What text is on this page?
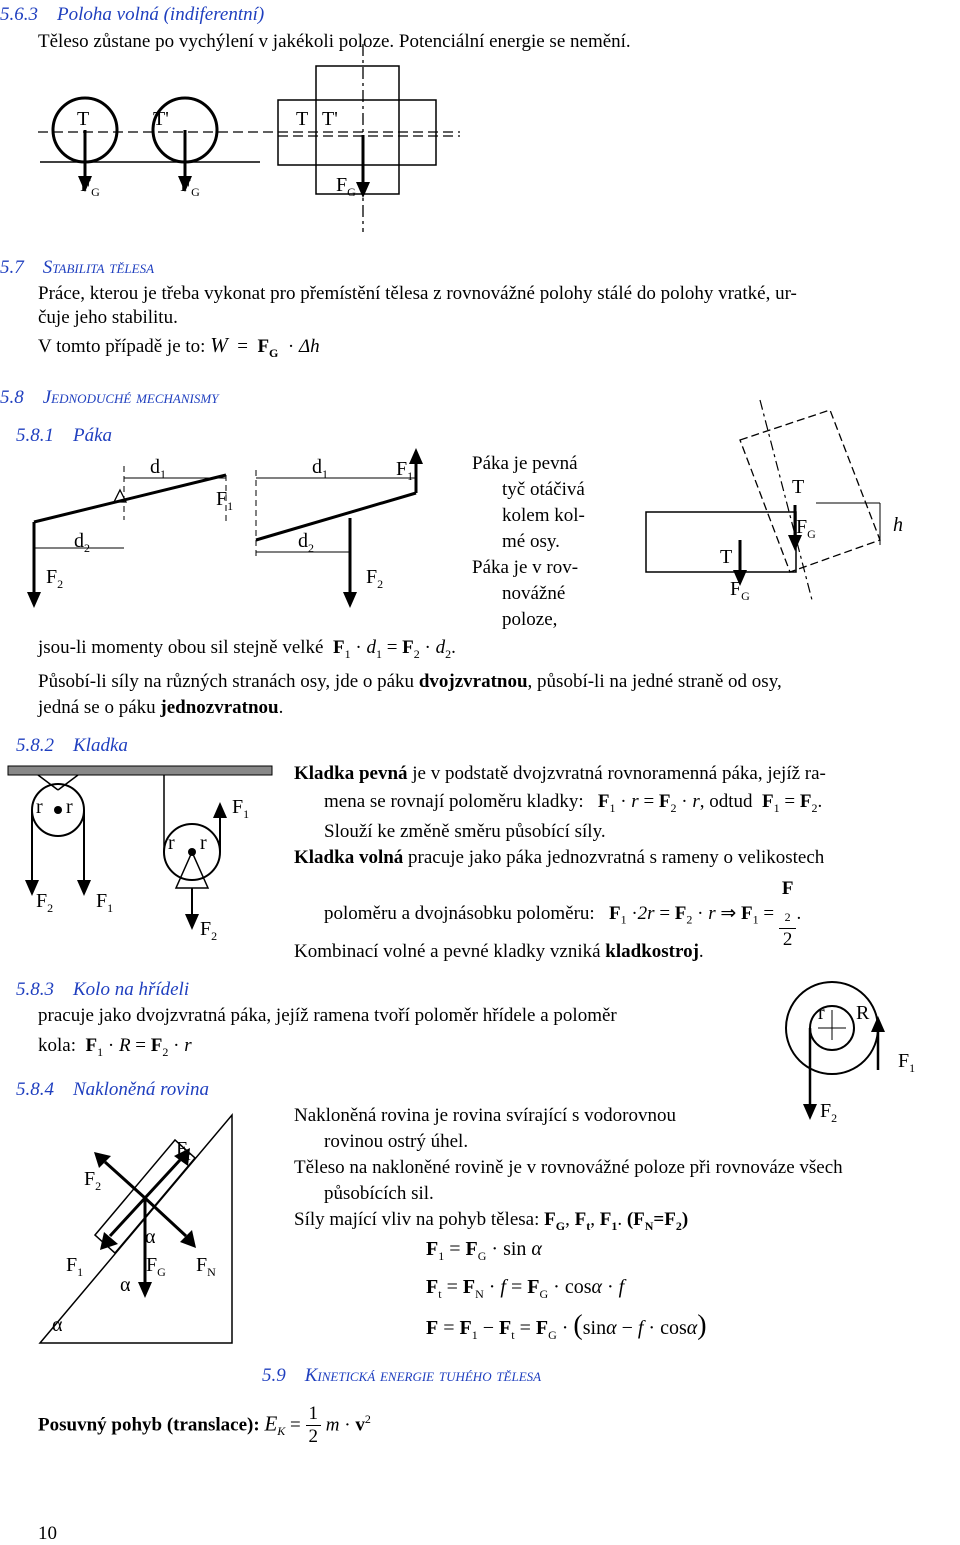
5.6.3 Poloha volná (indiferentní)
Těleso zůstane po vychýlení v jakékoli poloze. Potenciální energie se nemění.
T	T'	T T'
$F_G$	$F_G$	$F_G$
5.7 Stabilita tělesa
Práce, kterou je třeba vykonat pro přemístění tělesa z rovnovážné polohy stálé do polohy vratké, ur-
čuje jeho stabilitu.
V tomto případě je to: $W = F_G \cdot \Delta h$
5.8 Jednoduché mechanismy
5.8.1 Páka
$d_1$	$d_1$	$F_1$
$F_1$
$d_2$	$d_2$
$F_2$	$F_2$
Páka je pevná
tyč otáčivá
kolem kol-
mé osy.
Páka je v rov-
novážné
poloze,
T
$F_G$	h
T
$F_G$
jsou-li momenty obou sil stejně velké $F_1 \cdot d_1 = F_2 \cdot d_2$.
Působí-li síly na různých stranách osy, jde o páku dvojzvratnou, působí-li na jedné straně od osy,
jedná se o páku jednozvratnou.
5.8.2 Kladka
r r	$F_1$
r r
$F_2$ $F_1$
$F_2$
Kladka pevná je v podstatě dvojzvratná rovnoramenná páka, jejíž ra-
mena se rovnají poloměru kladky: $F_1 \cdot r = F_2 \cdot r$, odtud $F_1 = F_2$.
Slouží ke změně směru působící síly.
Kladka volná pracuje jako páka jednozvratná s rameny o velikostech
poloměru a dvojnásobku poloměru: $F_1 \cdot 2r = F_2 \cdot r$ ⇒ $F_1 = F$
$_2$
2 .
Kombinací volné a pevné kladky vzniká kladkostroj.
5.8.3 Kolo na hřídeli
pracuje jako dvojzvratná páka, jejíž ramena tvoří poloměr hřídele a poloměr
kola: $F_1 \cdot R = F_2 \cdot r$
r R
$F_1$
$F_2$
5.8.4 Nakloněná rovina
$F_t$
$F_2$
α
$F_1$	$F_G$ $F_N$
α
α
Nakloněná rovina je rovina svírající s vodorovnou
rovinou ostrý úhel.
Těleso na nakloněné rovině je v rovnovážné poloze při rovnováze všech
působících sil.
Síly mající vliv na pohyb tělesa: $F_G$, $F_t$, $F_1$. $(F_N=F_2)$
$F_1 = F_G \cdot \sin \alpha$
$F_t = F_N \cdot f = F_G \cdot \cos\alpha \cdot f$
$F = F_1 - F_t = F_G \cdot (\sin\alpha - f \cdot \cos\alpha)$
5.9 Kinetická energie tuhého tělesa
Posuvný pohyb (translace): $E_K = \frac{1}{2}$ $m \cdot v^2$
10
